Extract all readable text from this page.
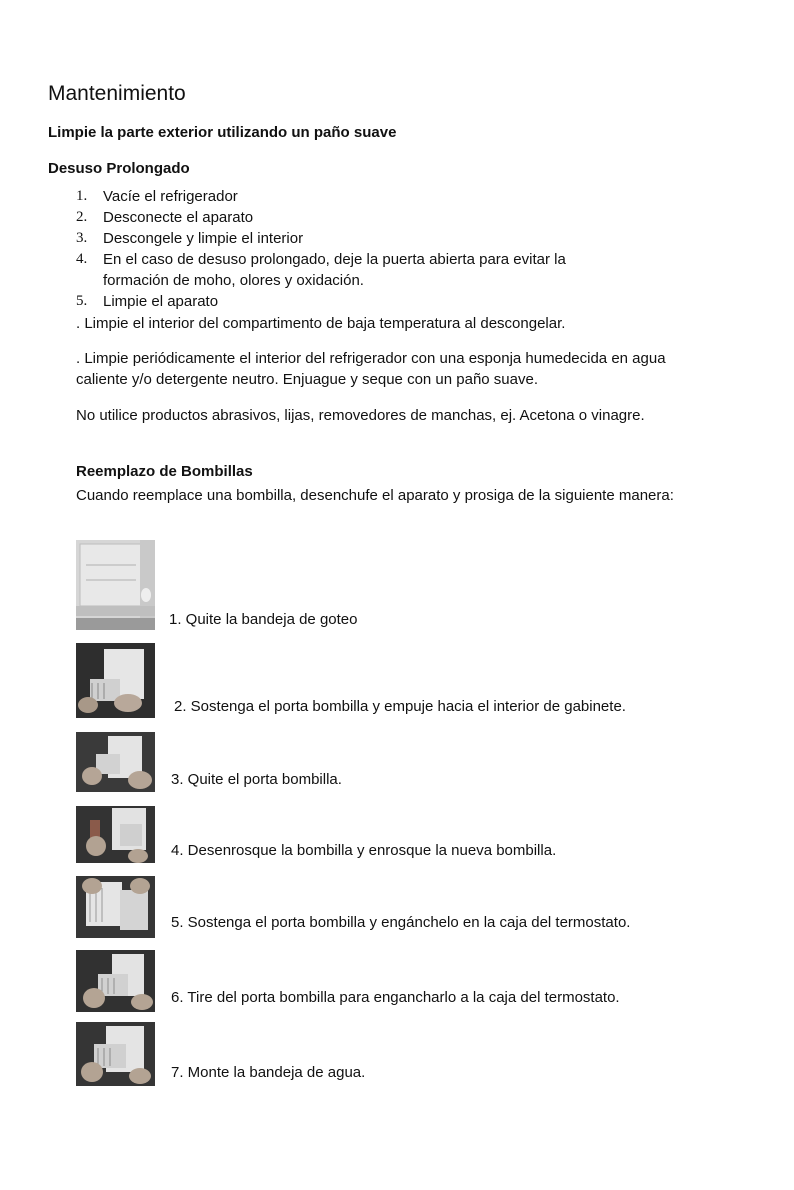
Mantenimiento
Limpie la parte exterior utilizando un paño suave
Desuso Prolongado
1. Vacíe el refrigerador
2. Desconecte el aparato
3. Descongele y limpie el interior
4. En el caso de desuso prolongado, deje la puerta abierta para evitar la formación de moho, olores y oxidación.
5. Limpie el aparato

. Limpie el interior del compartimento de baja temperatura al descongelar.

. Limpie periódicamente el interior del refrigerador con una esponja humedecida en agua caliente y/o detergente neutro. Enjuague y seque con un paño suave.

No utilice productos abrasivos, lijas, removedores de manchas, ej. Acetona o vinagre.

Reemplazo de Bombillas

Cuando reemplace una bombilla, desenchufe el aparato y prosiga de la siguiente manera:

1. Quite la bandeja de goteo
2. Sostenga el porta bombilla y empuje hacia el interior de gabinete.
3. Quite el porta bombilla.
4. Desenrosque la bombilla y enrosque la nueva bombilla.
5. Sostenga el porta bombilla y engánchelo en la caja del termostato.
6. Tire del porta bombilla para engancharlo a la caja del termostato.
7. Monte la bandeja de agua.
